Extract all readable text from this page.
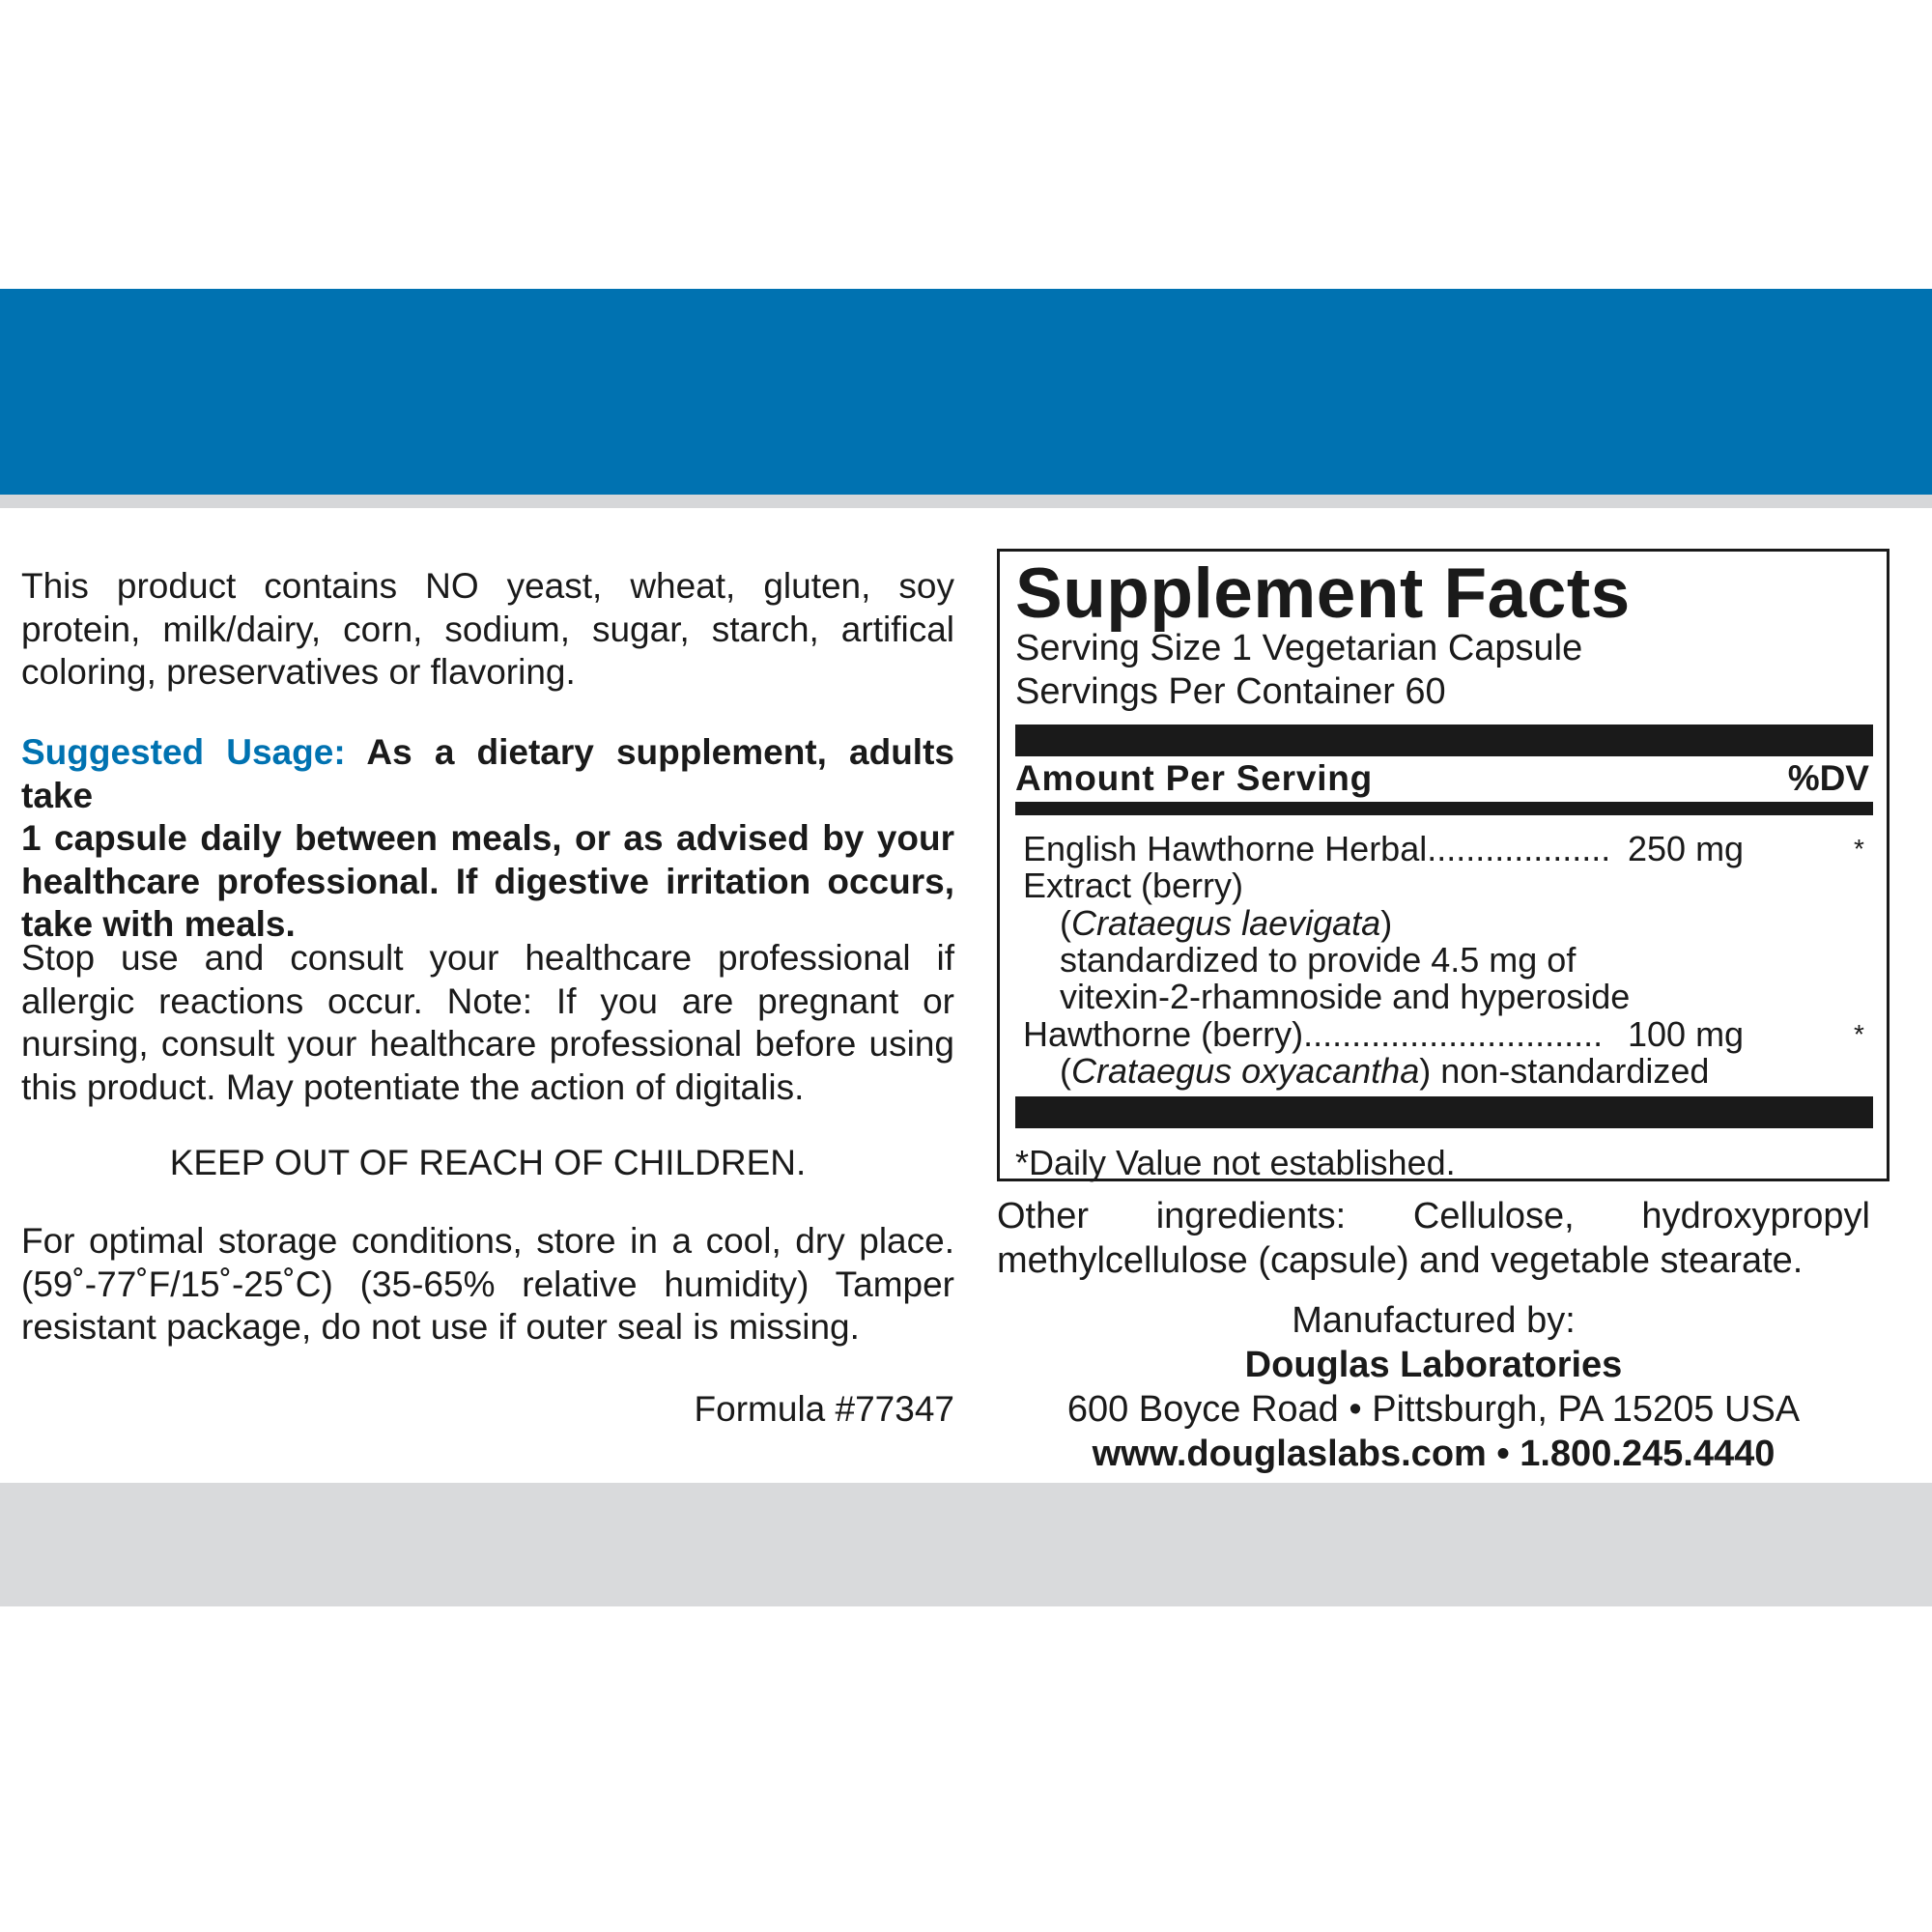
This product contains NO yeast, wheat, gluten, soy
protein, milk/dairy, corn, sodium, sugar, starch, artifical
coloring, preservatives or flavoring.

Suggested Usage: As a dietary supplement, adults take
1 capsule daily between meals, or as advised by your
healthcare professional. If digestive irritation occurs,
take with meals.

Stop use and consult your healthcare professional if
allergic reactions occur. Note: If you are pregnant or
nursing, consult your healthcare professional before using
this product. May potentiate the action of digitalis.

KEEP OUT OF REACH OF CHILDREN.

For optimal storage conditions, store in a cool, dry place.
(59˚-77˚F/15˚-25˚C) (35-65% relative humidity) Tamper
resistant package, do not use if outer seal is missing.

Formula #77347

Supplement Facts
Serving Size 1 Vegetarian Capsule
Servings Per Container 60
Amount Per Serving	%DV
English Hawthorne Herbal................... 250 mg	*
Extract (berry)
(Crataegus laevigata)
standardized to provide 4.5 mg of
vitexin-2-rhamnoside and hyperoside
Hawthorne (berry)............................... 100 mg	*
(Crataegus oxyacantha) non-standardized
*Daily Value not established.
Other ingredients: Cellulose, hydroxypropyl
methylcellulose (capsule) and vegetable stearate.
Manufactured by:
Douglas Laboratories
600 Boyce Road • Pittsburgh, PA 15205 USA
www.douglaslabs.com • 1.800.245.4440
